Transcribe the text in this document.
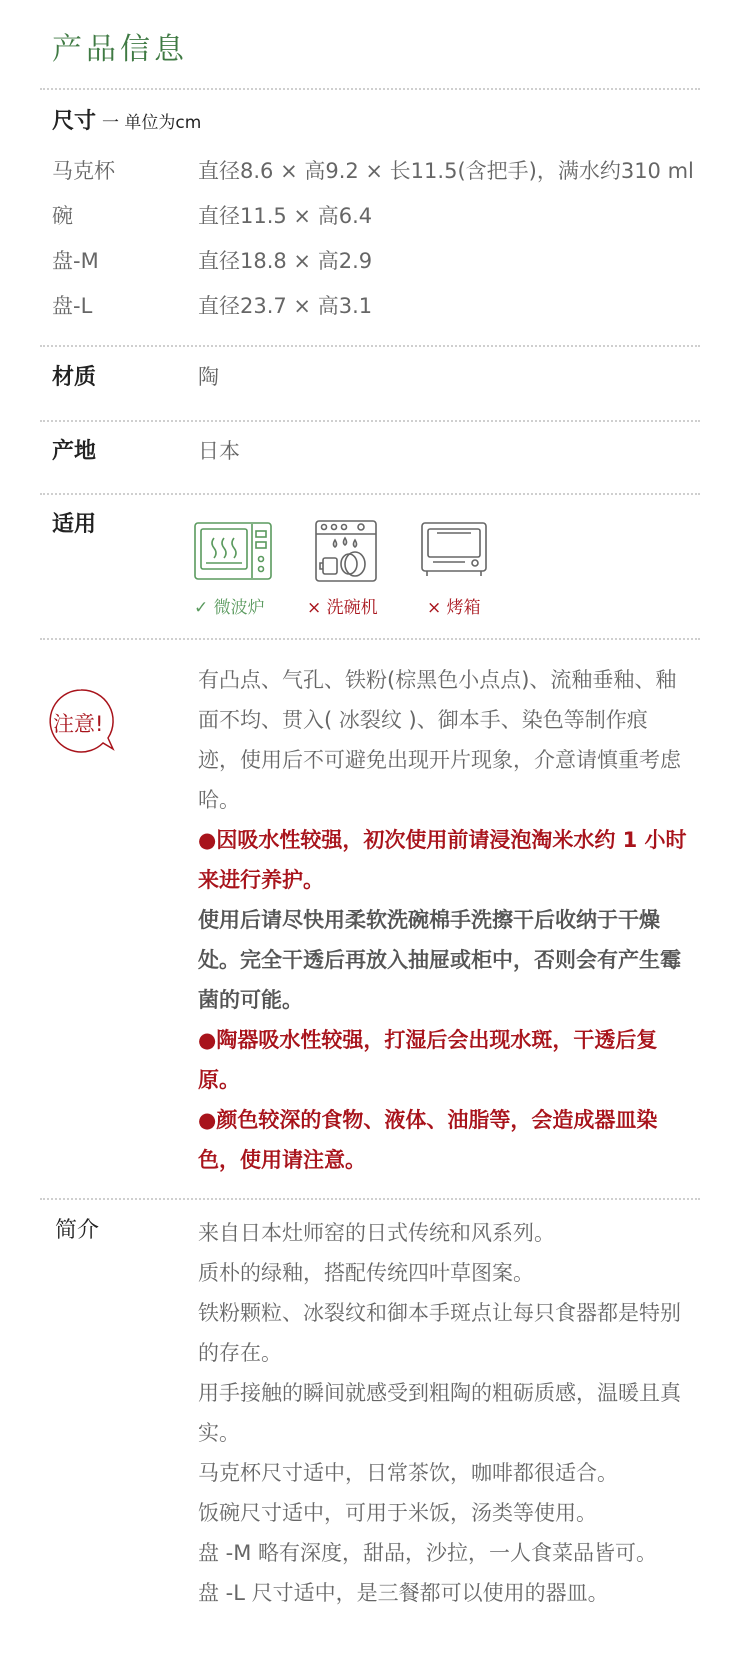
产品信息
尺寸 一 单位为cm
马克杯	直径8.6 × 高9.2 × 长11.5(含把手)，满水约310 ml
碗	直径11.5 × 高6.4
盘-M	直径18.8 × 高2.9
盘-L	直径23.7 × 高3.1
材质	陶
产地	日本
适用
✓ 微波炉 × 洗碗机	× 烤箱
注意!
有凸点、气孔、铁粉(棕黑色小点点)、流釉垂釉、釉面不均、贯入( 冰裂纹 )、御本手、染色等制作痕迹，使用后不可避免出现开片现象，介意请慎重考虑哈。
●因吸水性较强，初次使用前请浸泡淘米水约 1 小时来进行养护。
使用后请尽快用柔软洗碗棉手洗擦干后收纳于干燥处。完全干透后再放入抽屉或柜中，否则会有产生霉菌的可能。
●陶器吸水性较强，打湿后会出现水斑，干透后复原。
●颜色较深的食物、液体、油脂等，会造成器皿染色，使用请注意。
简介	来自日本灶师窑的日式传统和风系列。
质朴的绿釉，搭配传统四叶草图案。
铁粉颗粒、冰裂纹和御本手斑点让每只食器都是特别的存在。
用手接触的瞬间就感受到粗陶的粗砺质感，温暖且真实。
马克杯尺寸适中，日常茶饮，咖啡都很适合。
饭碗尺寸适中，可用于米饭，汤类等使用。
盘 -M 略有深度，甜品，沙拉，一人食菜品皆可。
盘 -L 尺寸适中，是三餐都可以使用的器皿。
